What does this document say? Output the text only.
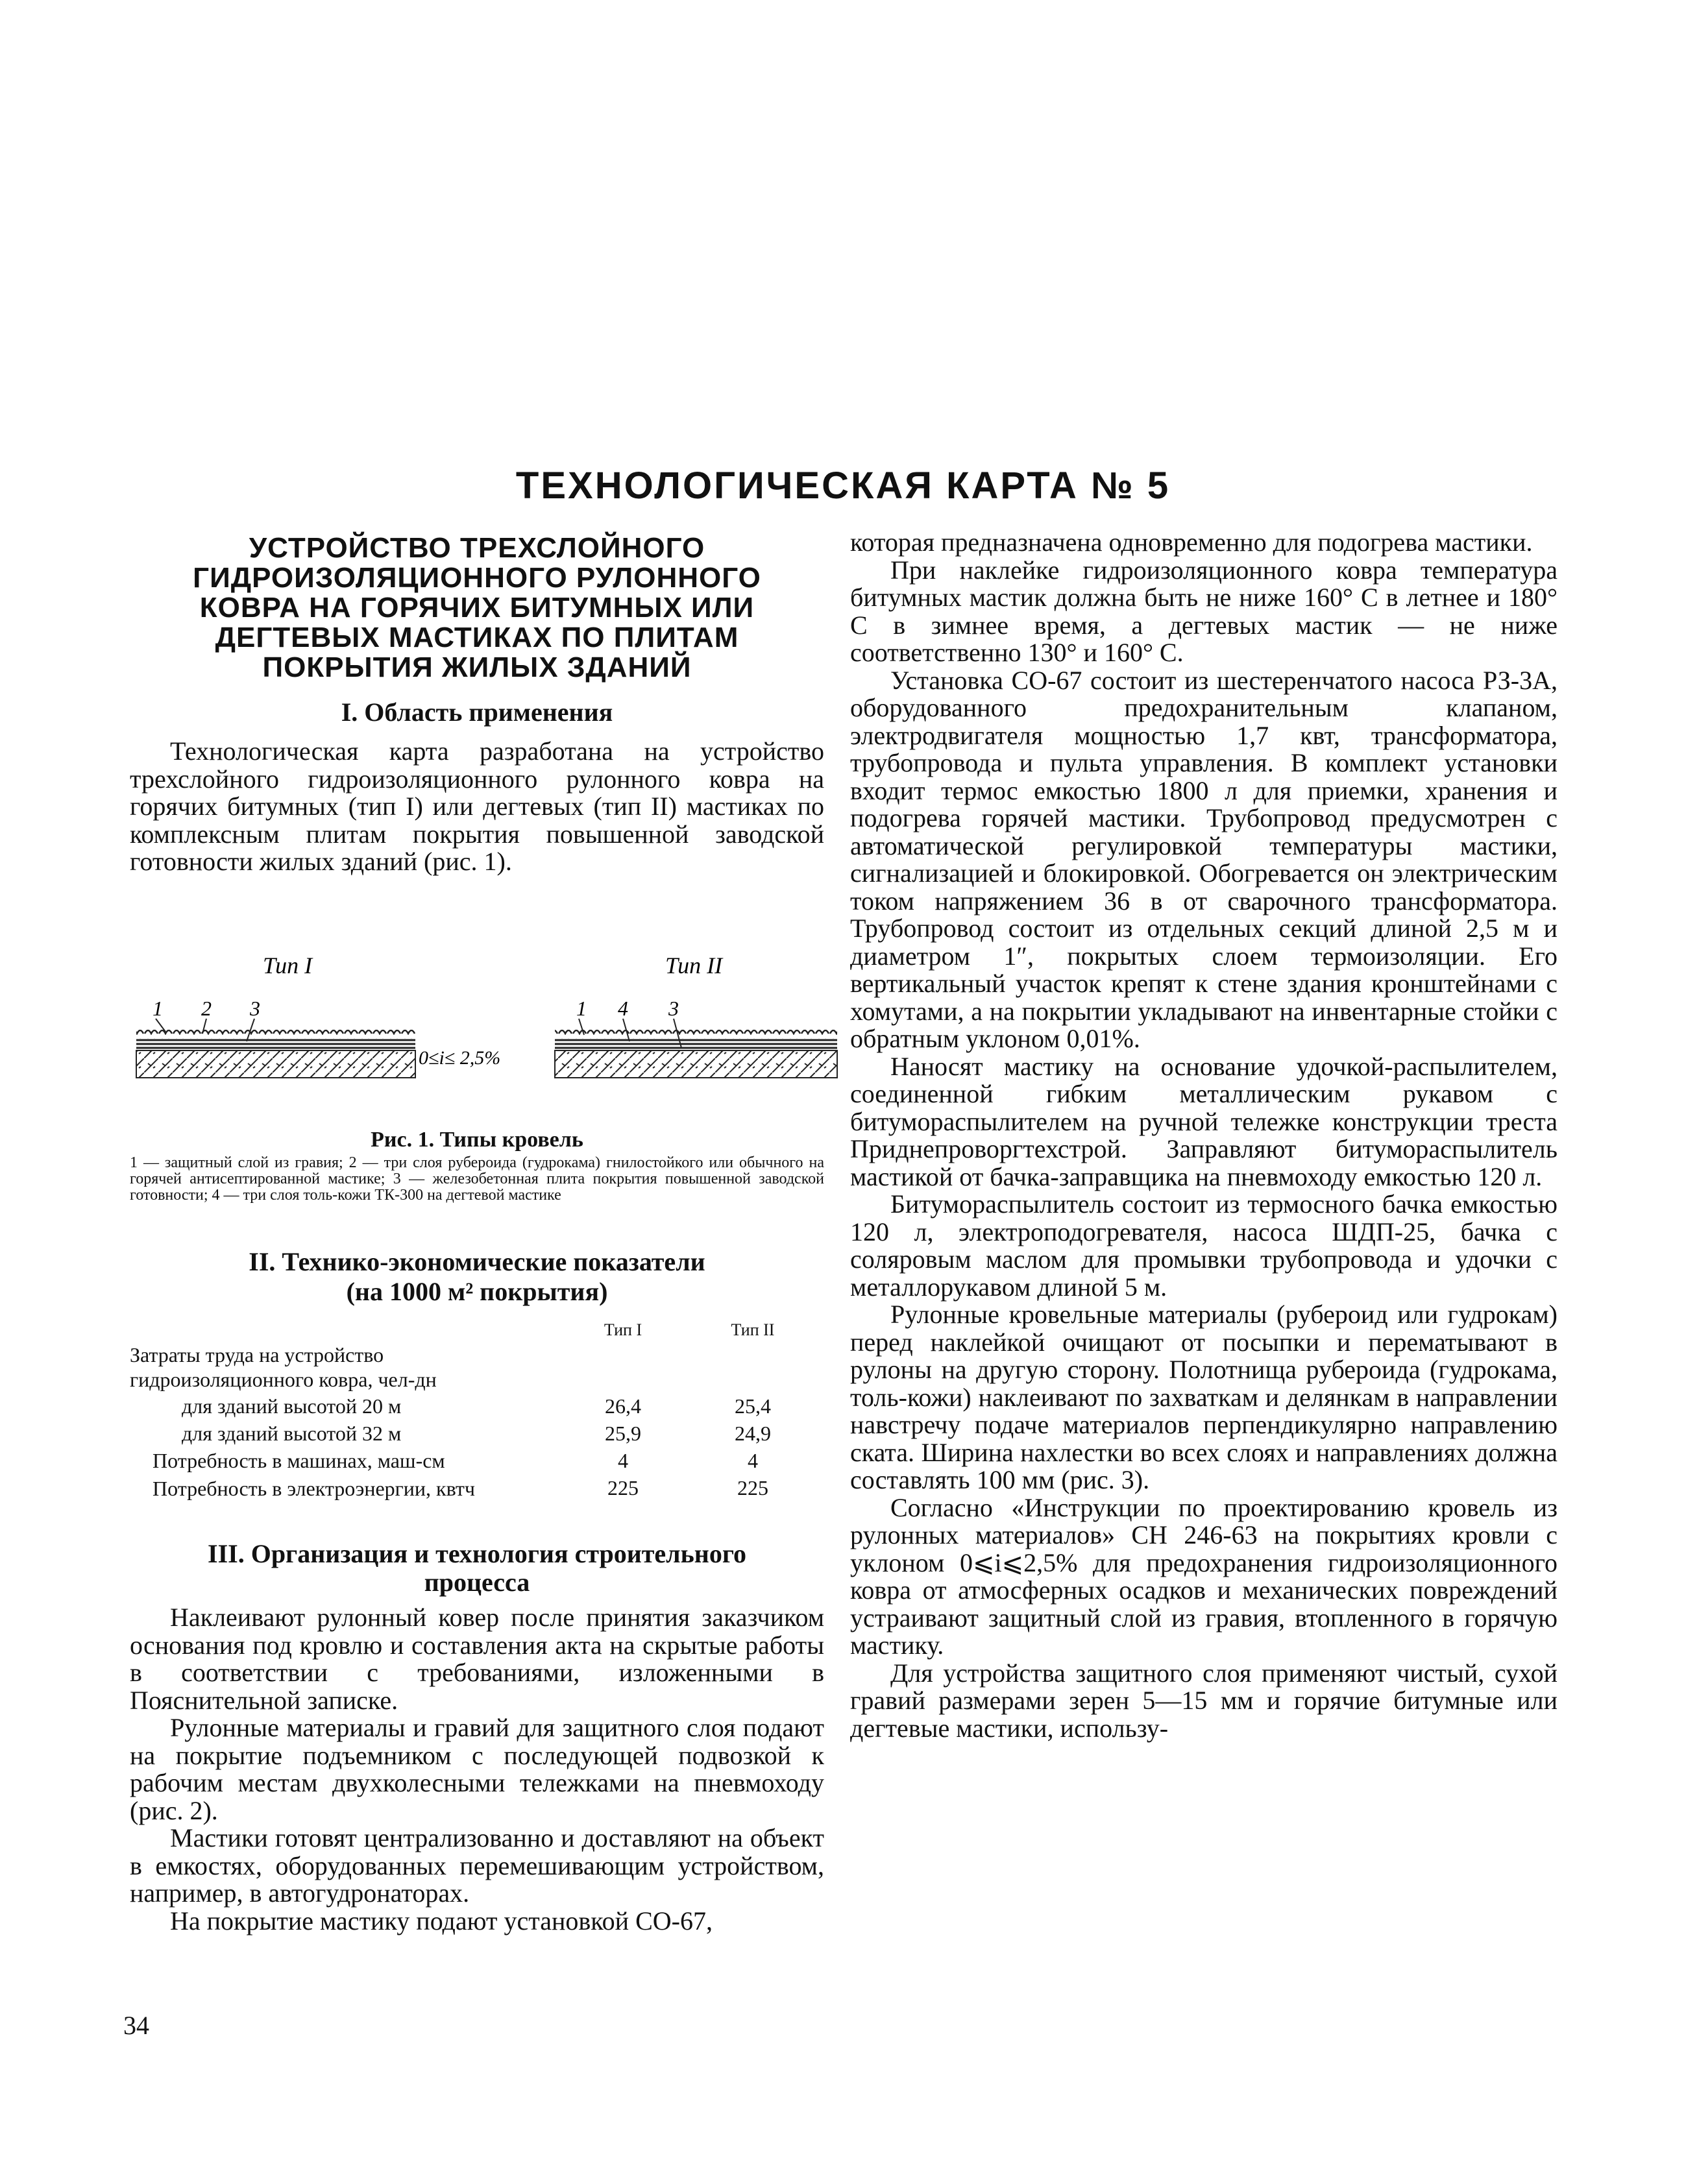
ТЕХНОЛОГИЧЕСКАЯ КАРТА № 5
УСТРОЙСТВО ТРЕХСЛОЙНОГО
ГИДРОИЗОЛЯЦИОННОГО РУЛОННОГО
КОВРА НА ГОРЯЧИХ БИТУМНЫХ ИЛИ
ДЕГТЕВЫХ МАСТИКАХ ПО ПЛИТАМ
ПОКРЫТИЯ ЖИЛЫХ ЗДАНИЙ
I. Область применения

Технологическая карта разработана на устройство трехслойного гидроизоляционного рулонного ковра на горячих битумных (тип I) или дегтевых (тип II) мастиках по комплексным плитам покрытия повышенной заводской готовности жилых зданий (рис. 1).

Тип I
1 2 3
0≤i≤ 2,5%
Тип II
1 4 3
Рис. 1. Типы кровель
1 — защитный слой из гравия; 2 — три слоя рубероида (гудрокама) гнилостойкого или обычного на горячей антисептированной мастике; 3 — железобетонная плита покрытия повышенной заводской готовности; 4 — три слоя толь-кожи ТК-300 на дегтевой мастике
II. Технико-экономические показатели
(на 1000 м² покрытия)
Тип I	Тип II
Затраты труда на устройство гидроизоляционного ковра, чел-дн
для зданий высотой 20 м	26,4	25,4
для зданий высотой 32 м	25,9	24,9
Потребность в машинах, маш-см	4	4
Потребность в электроэнергии, квтч	225	225
III. Организация и технология строительного
процесса

Наклеивают рулонный ковер после принятия заказчиком основания под кровлю и составления акта на скрытые работы в соответствии с требованиями, изложенными в Пояснительной записке.

Рулонные материалы и гравий для защитного слоя подают на покрытие подъемником с последующей подвозкой к рабочим местам двухколесными тележками на пневмоходу (рис. 2).

Мастики готовят централизованно и доставляют на объект в емкостях, оборудованных перемешивающим устройством, например, в автогудронаторах.

На покрытие мастику подают установкой СО-67,

которая предназначена одновременно для подогрева мастики.

При наклейке гидроизоляционного ковра температура битумных мастик должна быть не ниже 160° С в летнее и 180° С в зимнее время, а дегтевых мастик — не ниже соответственно 130° и 160° С.

Установка СО-67 состоит из шестеренчатого насоса РЗ-3А, оборудованного предохранительным клапаном, электродвигателя мощностью 1,7 квт, трансформатора, трубопровода и пульта управления. В комплект установки входит термос емкостью 1800 л для приемки, хранения и подогрева горячей мастики. Трубопровод предусмотрен с автоматической регулировкой температуры мастики, сигнализацией и блокировкой. Обогревается он электрическим током напряжением 36 в от сварочного трансформатора. Трубопровод состоит из отдельных секций длиной 2,5 м и диаметром 1″, покрытых слоем термоизоляции. Его вертикальный участок крепят к стене здания кронштейнами с хомутами, а на покрытии укладывают на инвентарные стойки с обратным уклоном 0,01%.

Наносят мастику на основание удочкой-распылителем, соединенной гибким металлическим рукавом с битумораспылителем на ручной тележке конструкции треста Приднепроворгтехстрой. Заправляют битумораспылитель мастикой от бачка-заправщика на пневмоходу емкостью 120 л.

Битумораспылитель состоит из термосного бачка емкостью 120 л, электроподогревателя, насоса ШДП-25, бачка с соляровым маслом для промывки трубопровода и удочки с металлорукавом длиной 5 м.

Рулонные кровельные материалы (рубероид или гудрокам) перед наклейкой очищают от посыпки и перематывают в рулоны на другую сторону. Полотнища рубероида (гудрокама, толь-кожи) наклеивают по захваткам и делянкам в направлении навстречу подаче материалов перпендикулярно направлению ската. Ширина нахлестки во всех слоях и направлениях должна составлять 100 мм (рис. 3).

Согласно «Инструкции по проектированию кровель из рулонных материалов» СН 246-63 на покрытиях кровли с уклоном 0⩽i⩽2,5% для предохранения гидроизоляционного ковра от атмосферных осадков и механических повреждений устраивают защитный слой из гравия, втопленного в горячую мастику.

Для устройства защитного слоя применяют чистый, сухой гравий размерами зерен 5—15 мм и горячие битумные или дегтевые мастики, использу-

34
